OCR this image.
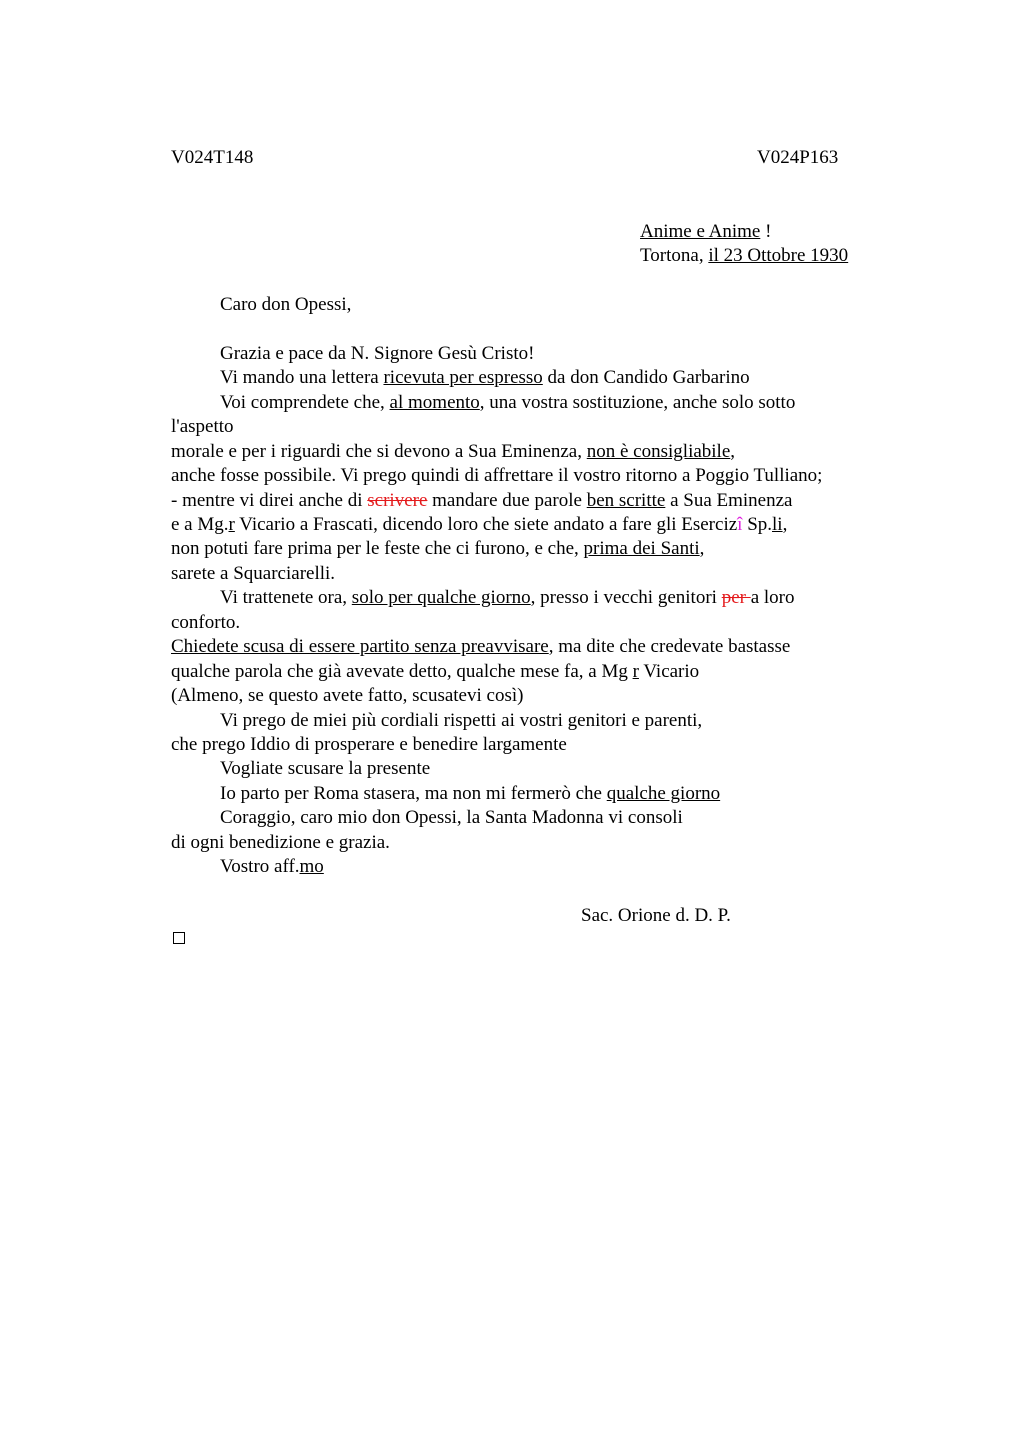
V024T148	V024P163
Anime e Anime !
Tortona, il 23 Ottobre 1930
Caro don Opessi,
Grazia e pace da N. Signore Gesù Cristo!
Vi mando una lettera ricevuta per espresso da don Candido Garbarino
Voi comprendete che, al momento, una vostra sostituzione, anche solo sotto
l'aspetto
morale e per i riguardi che si devono a Sua Eminenza, non è consigliabile,
anche fosse possibile. Vi prego quindi di affrettare il vostro ritorno a Poggio Tulliano;
- mentre vi direi anche di scrivere mandare due parole ben scritte a Sua Eminenza
e a Mg.r Vicario a Frascati, dicendo loro che siete andato a fare gli Esercizî Sp.li,
non potuti fare prima per le feste che ci furono, e che, prima dei Santi,
sarete a Squarciarelli.
Vi trattenete ora, solo per qualche giorno, presso i vecchi genitori per a loro
conforto.
Chiedete scusa di essere partito senza preavvisare, ma dite che credevate bastasse
qualche parola che già avevate detto, qualche mese fa, a Mg r Vicario
(Almeno, se questo avete fatto, scusatevi così)
Vi prego de miei più cordiali rispetti ai vostri genitori e parenti,
che prego Iddio di prosperare e benedire largamente
Vogliate scusare la presente
Io parto per Roma stasera, ma non mi fermerò che qualche giorno
Coraggio, caro mio don Opessi, la Santa Madonna vi consoli
di ogni benedizione e grazia.
Vostro aff.mo
Sac. Orione d. D. P.
